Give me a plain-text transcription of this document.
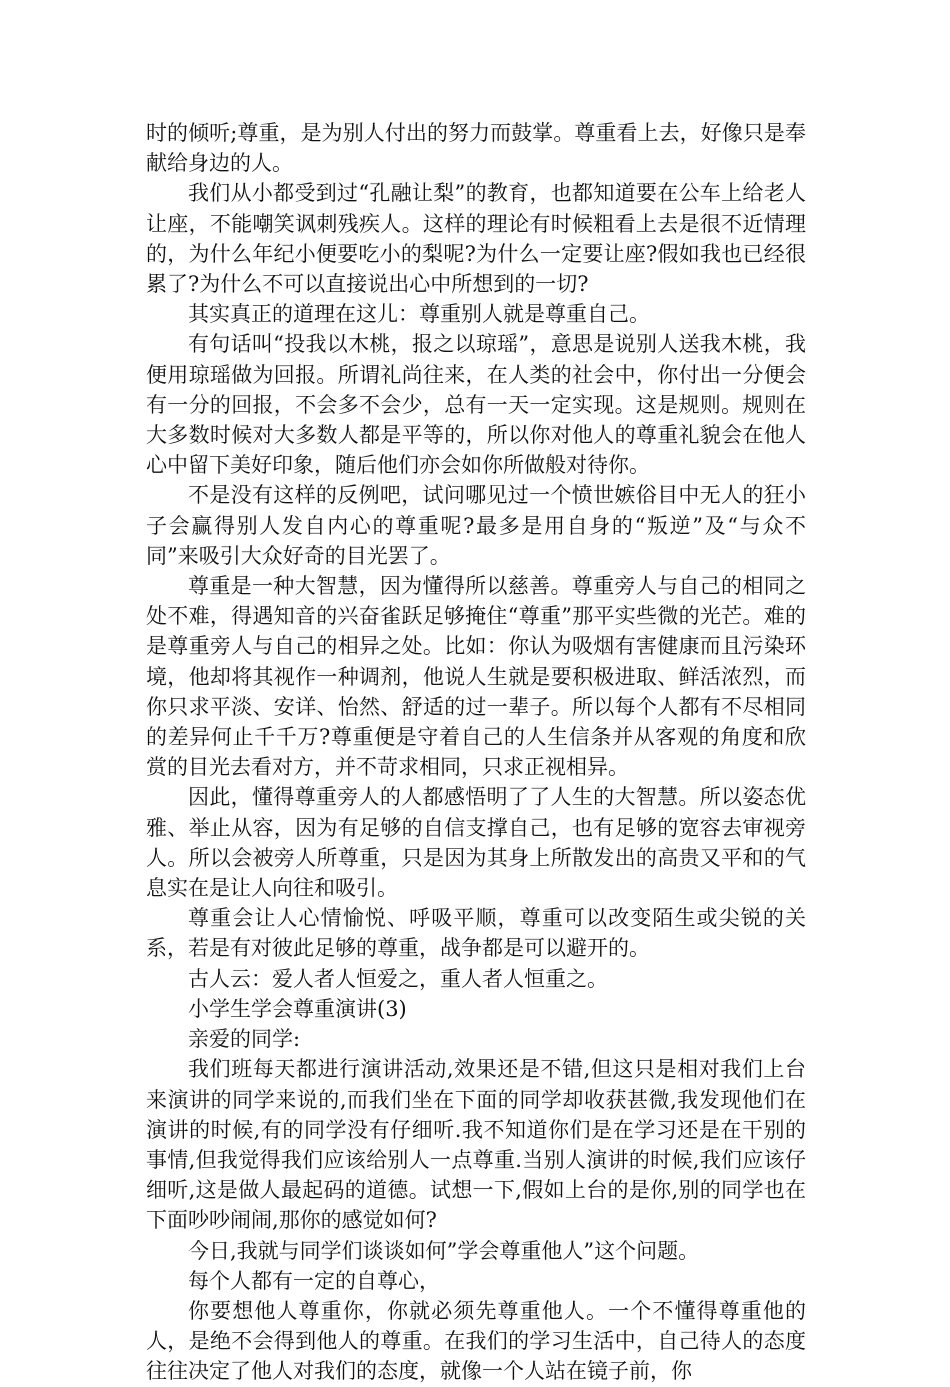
时的倾听;尊重，是为别人付出的努力而鼓掌。尊重看上去，好像只是奉献给身边的人。

我们从小都受到过“孔融让梨”的教育，也都知道要在公车上给老人让座，不能嘲笑讽刺残疾人。这样的理论有时候粗看上去是很不近情理的，为什么年纪小便要吃小的梨呢?为什么一定要让座?假如我也已经很累了?为什么不可以直接说出心中所想到的一切?

其实真正的道理在这儿：尊重别人就是尊重自己。

有句话叫“投我以木桃，报之以琼瑶”，意思是说别人送我木桃，我便用琼瑶做为回报。所谓礼尚往来，在人类的社会中，你付出一分便会有一分的回报，不会多不会少，总有一天一定实现。这是规则。规则在大多数时候对大多数人都是平等的，所以你对他人的尊重礼貌会在他人心中留下美好印象，随后他们亦会如你所做般对待你。

不是没有这样的反例吧，试问哪见过一个愤世嫉俗目中无人的狂小子会赢得别人发自内心的尊重呢?最多是用自身的“叛逆”及“与众不同”来吸引大众好奇的目光罢了。

尊重是一种大智慧，因为懂得所以慈善。尊重旁人与自己的相同之处不难，得遇知音的兴奋雀跃足够掩住“尊重”那平实些微的光芒。难的是尊重旁人与自己的相异之处。比如：你认为吸烟有害健康而且污染环境，他却将其视作一种调剂，他说人生就是要积极进取、鲜活浓烈，而你只求平淡、安详、怡然、舒适的过一辈子。所以每个人都有不尽相同的差异何止千千万?尊重便是守着自己的人生信条并从客观的角度和欣赏的目光去看对方，并不苛求相同，只求正视相异。

因此，懂得尊重旁人的人都感悟明了了人生的大智慧。所以姿态优雅、举止从容，因为有足够的自信支撑自己，也有足够的宽容去审视旁人。所以会被旁人所尊重，只是因为其身上所散发出的高贵又平和的气息实在是让人向往和吸引。

尊重会让人心情愉悦、呼吸平顺，尊重可以改变陌生或尖锐的关系，若是有对彼此足够的尊重，战争都是可以避开的。

古人云：爱人者人恒爱之，重人者人恒重之。

小学生学会尊重演讲(3)

亲爱的同学:

我们班每天都进行演讲活动,效果还是不错,但这只是相对我们上台来演讲的同学来说的,而我们坐在下面的同学却收获甚微,我发现他们在演讲的时候,有的同学没有仔细听.我不知道你们是在学习还是在干别的事情,但我觉得我们应该给别人一点尊重.当别人演讲的时候,我们应该仔细听,这是做人最起码的道德。试想一下,假如上台的是你,别的同学也在下面吵吵闹闹,那你的感觉如何?

今日,我就与同学们谈谈如何”学会尊重他人”这个问题。

每个人都有一定的自尊心，

你要想他人尊重你，你就必须先尊重他人。一个不懂得尊重他的人，是绝不会得到他人的尊重。在我们的学习生活中，自己待人的态度往往决定了他人对我们的态度，就像一个人站在镜子前，你
